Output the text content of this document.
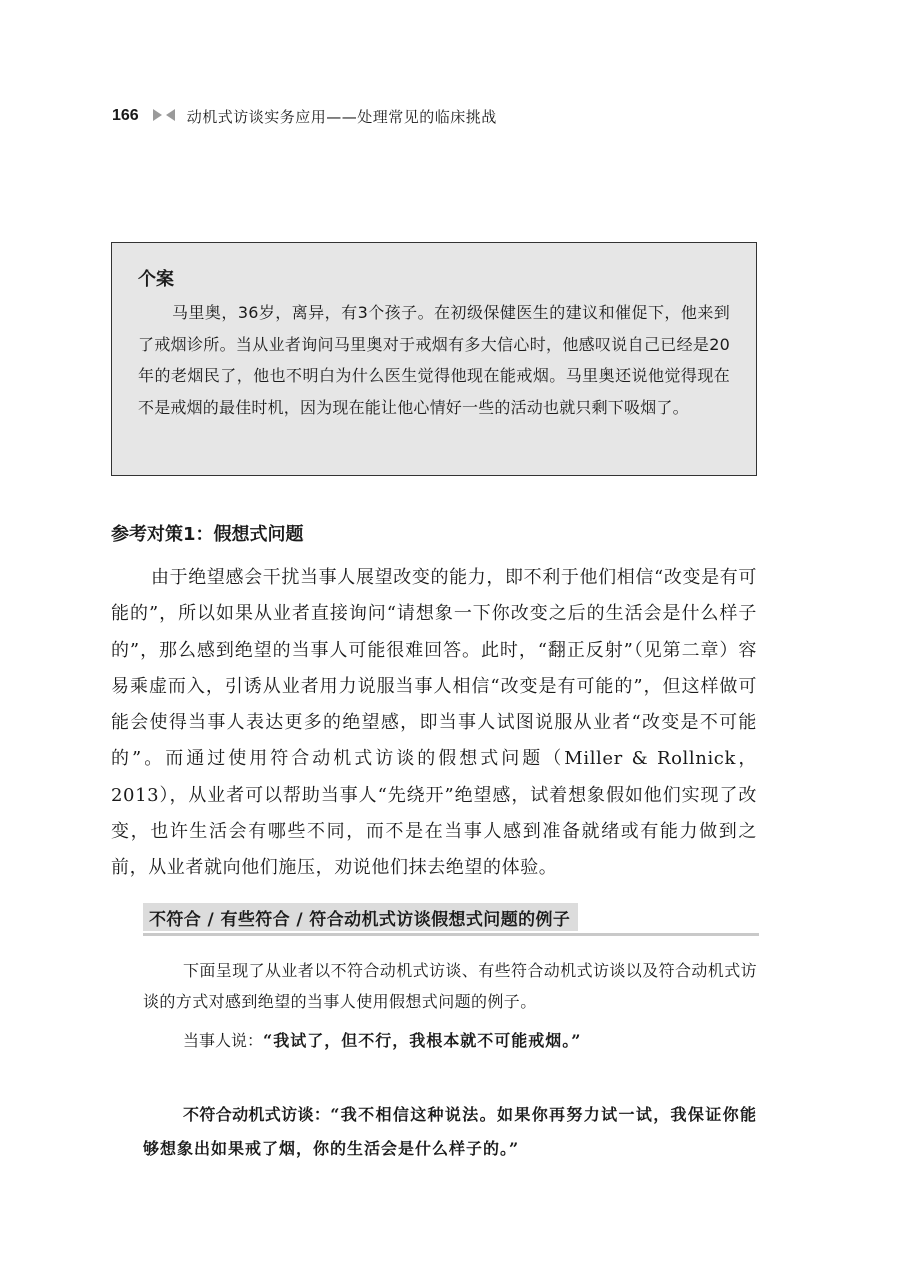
166	动机式访谈实务应用——处理常见的临床挑战
个案
马里奥，36岁，离异，有3个孩子。在初级保健医生的建议和催促下，他来到了戒烟诊所。当从业者询问马里奥对于戒烟有多大信心时，他感叹说自己已经是20年的老烟民了，他也不明白为什么医生觉得他现在能戒烟。马里奥还说他觉得现在不是戒烟的最佳时机，因为现在能让他心情好一些的活动也就只剩下吸烟了。
参考对策1：假想式问题
由于绝望感会干扰当事人展望改变的能力，即不利于他们相信“改变是有可能的”，所以如果从业者直接询问“请想象一下你改变之后的生活会是什么样子的”，那么感到绝望的当事人可能很难回答。此时，“翻正反射”（见第二章）容易乘虚而入，引诱从业者用力说服当事人相信“改变是有可能的”，但这样做可能会使得当事人表达更多的绝望感，即当事人试图说服从业者“改变是不可能的”。而通过使用符合动机式访谈的假想式问题（Miller & Rollnick，2013），从业者可以帮助当事人“先绕开”绝望感，试着想象假如他们实现了改变，也许生活会有哪些不同，而不是在当事人感到准备就绪或有能力做到之前，从业者就向他们施压，劝说他们抹去绝望的体验。
不符合 / 有些符合 / 符合动机式访谈假想式问题的例子
下面呈现了从业者以不符合动机式访谈、有些符合动机式访谈以及符合动机式访谈的方式对感到绝望的当事人使用假想式问题的例子。
当事人说：“我试了，但不行，我根本就不可能戒烟。”
不符合动机式访谈：“我不相信这种说法。如果你再努力试一试，我保证你能够想象出如果戒了烟，你的生活会是什么样子的。”
